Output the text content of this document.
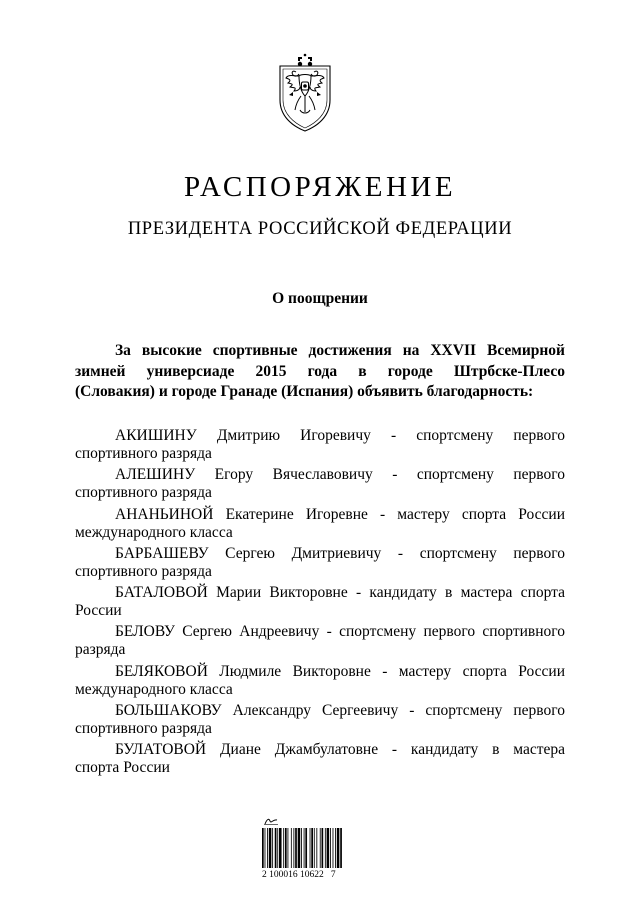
РАСПОРЯЖЕНИЕ
ПРЕЗИДЕНТА РОССИЙСКОЙ ФЕДЕРАЦИИ
О поощрении
За высокие спортивные достижения на XXVII Всемирной
зимней универсиаде 2015 года в городе Штрбске-Плесо
(Словакия) и городе Гранаде (Испания) объявить благодарность:
АКИШИНУ Дмитрию Игоревичу - спортсмену первого
спортивного разряда
АЛЕШИНУ Егору Вячеславовичу - спортсмену первого
спортивного разряда
АНАНЬИНОЙ Екатерине Игоревне - мастеру спорта России
международного класса
БАРБАШЕВУ Сергею Дмитриевичу - спортсмену первого
спортивного разряда
БАТАЛОВОЙ Марии Викторовне - кандидату в мастера спорта
России
БЕЛОВУ Сергею Андреевичу - спортсмену первого спортивного
разряда
БЕЛЯКОВОЙ Людмиле Викторовне - мастеру спорта России
международного класса
БОЛЬШАКОВУ Александру Сергеевичу - спортсмену первого
спортивного разряда
БУЛАТОВОЙ Диане Джамбулатовне - кандидату в мастера
спорта России
2 100016 10622   7
